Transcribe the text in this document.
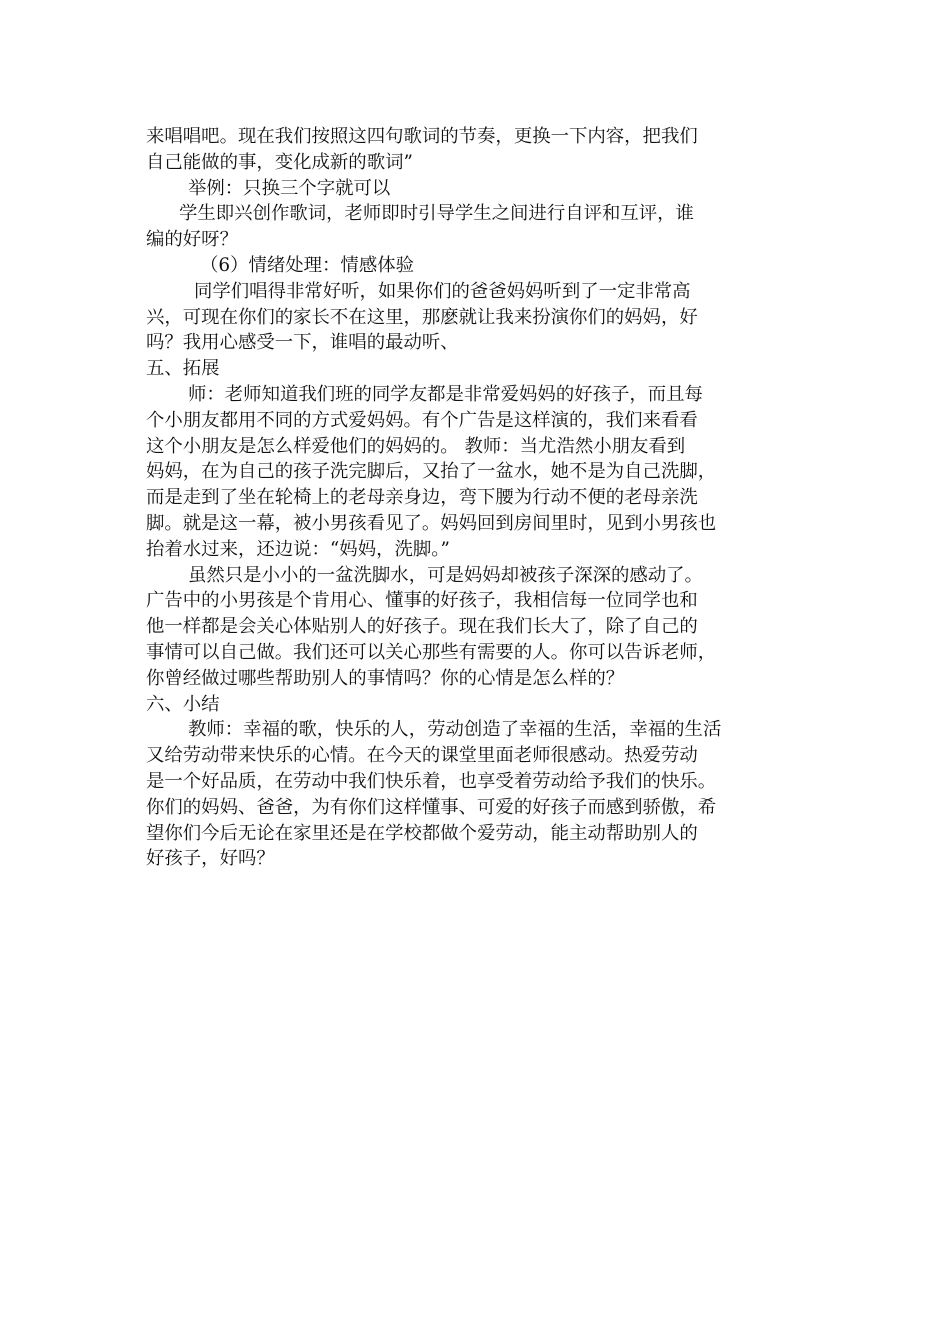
来唱唱吧。现在我们按照这四句歌词的节奏，更换一下内容，把我们
自己能做的事，变化成新的歌词”
举例：只换三个字就可以
学生即兴创作歌词，老师即时引导学生之间进行自评和互评，谁
编的好呀？
（6）情绪处理：情感体验
同学们唱得非常好听，如果你们的爸爸妈妈听到了一定非常高
兴，可现在你们的家长不在这里，那麽就让我来扮演你们的妈妈，好
吗？我用心感受一下，谁唱的最动听、
五、拓展
师：老师知道我们班的同学友都是非常爱妈妈的好孩子，而且每
个小朋友都用不同的方式爱妈妈。有个广告是这样演的，我们来看看
这个小朋友是怎么样爱他们的妈妈的。 教师：当尤浩然小朋友看到
妈妈，在为自己的孩子洗完脚后，又抬了一盆水，她不是为自己洗脚，
而是走到了坐在轮椅上的老母亲身边，弯下腰为行动不便的老母亲洗
脚。就是这一幕，被小男孩看见了。妈妈回到房间里时，见到小男孩也
抬着水过来，还边说：“妈妈，洗脚。”
虽然只是小小的一盆洗脚水，可是妈妈却被孩子深深的感动了。
广告中的小男孩是个肯用心、懂事的好孩子，我相信每一位同学也和
他一样都是会关心体贴别人的好孩子。现在我们长大了，除了自己的
事情可以自己做。我们还可以关心那些有需要的人。你可以告诉老师，
你曾经做过哪些帮助别人的事情吗？你的心情是怎么样的？
六、小结
教师：幸福的歌，快乐的人，劳动创造了幸福的生活，幸福的生活
又给劳动带来快乐的心情。在今天的课堂里面老师很感动。热爱劳动
是一个好品质，在劳动中我们快乐着，也享受着劳动给予我们的快乐。
你们的妈妈、爸爸，为有你们这样懂事、可爱的好孩子而感到骄傲，希
望你们今后无论在家里还是在学校都做个爱劳动，能主动帮助别人的
好孩子，好吗？
